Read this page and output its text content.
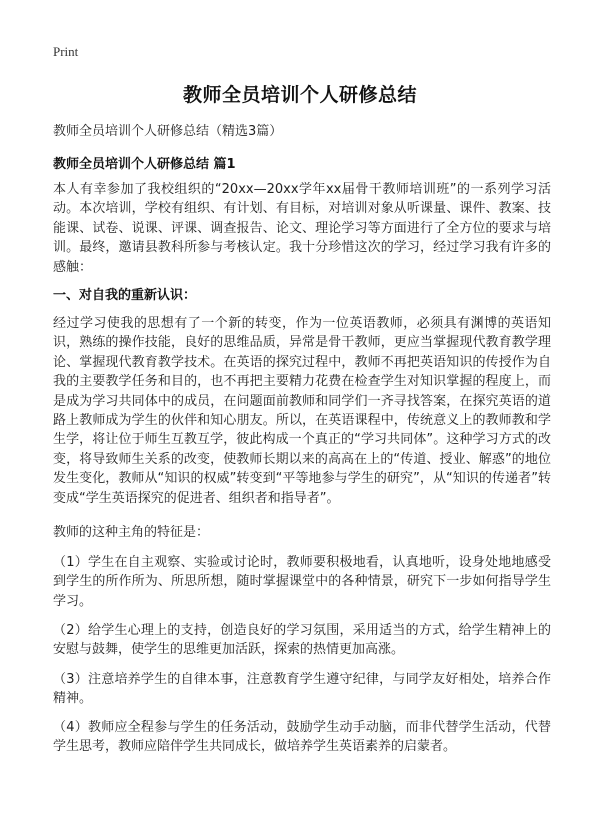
Print
教师全员培训个人研修总结
教师全员培训个人研修总结（精选3篇）
教师全员培训个人研修总结 篇1

本人有幸参加了我校组织的“20xx—20xx学年xx届骨干教师培训班”的一系列学习活动。本次培训，学校有组织、有计划、有目标，对培训对象从听课量、课件、教案、技能课、试卷、说课、评课、调查报告、论文、理论学习等方面进行了全方位的要求与培训。最终，邀请县教科所参与考核认定。我十分珍惜这次的学习，经过学习我有许多的感触：

一、对自我的重新认识：

经过学习使我的思想有了一个新的转变，作为一位英语教师，必须具有渊博的英语知识，熟练的操作技能，良好的思维品质，异常是骨干教师，更应当掌握现代教育教学理论、掌握现代教育教学技术。在英语的探究过程中，教师不再把英语知识的传授作为自我的主要教学任务和目的，也不再把主要精力花费在检查学生对知识掌握的程度上，而是成为学习共同体中的成员，在问题面前教师和同学们一齐寻找答案，在探究英语的道路上教师成为学生的伙伴和知心朋友。所以，在英语课程中，传统意义上的教师教和学生学，将让位于师生互教互学，彼此构成一个真正的“学习共同体”。这种学习方式的改变，将导致师生关系的改变，使教师长期以来的高高在上的“传道、授业、解惑”的地位发生变化，教师从“知识的权威”转变到“平等地参与学生的研究”，从“知识的传递者”转变成“学生英语探究的促进者、组织者和指导者”。

教师的这种主角的特征是：

（1）学生在自主观察、实验或讨论时，教师要积极地看，认真地听，设身处地地感受到学生的所作所为、所思所想，随时掌握课堂中的各种情景，研究下一步如何指导学生学习。

（2）给学生心理上的支持，创造良好的学习氛围，采用适当的方式，给学生精神上的安慰与鼓舞，使学生的思维更加活跃，探索的热情更加高涨。

（3）注意培养学生的自律本事，注意教育学生遵守纪律，与同学友好相处，培养合作精神。

（4）教师应全程参与学生的任务活动，鼓励学生动手动脑，而非代替学生活动，代替学生思考，教师应陪伴学生共同成长，做培养学生英语素养的启蒙者。
